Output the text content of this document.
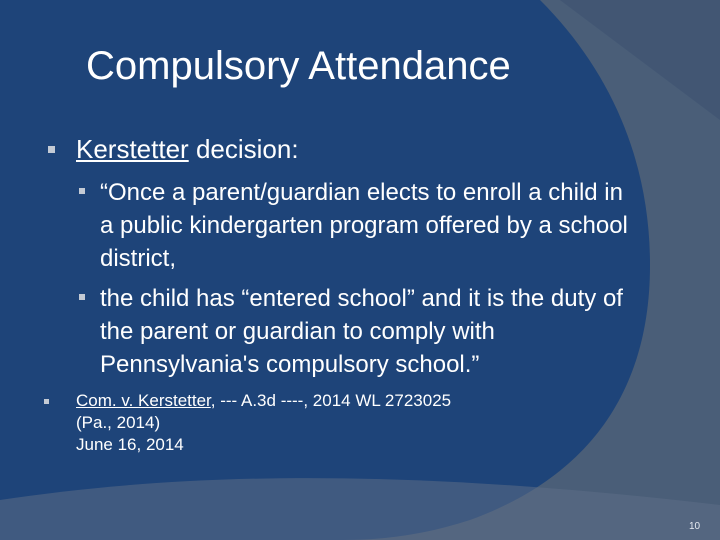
Compulsory Attendance
Kerstetter decision:
“Once a parent/guardian elects to enroll a child in a public kindergarten program offered by a school district,
the child has “entered school” and it is the duty of the parent or guardian to comply with Pennsylvania's compulsory school.”
Com. v. Kerstetter, --- A.3d ----, 2014 WL 2723025
(Pa., 2014)
June 16, 2014
10
